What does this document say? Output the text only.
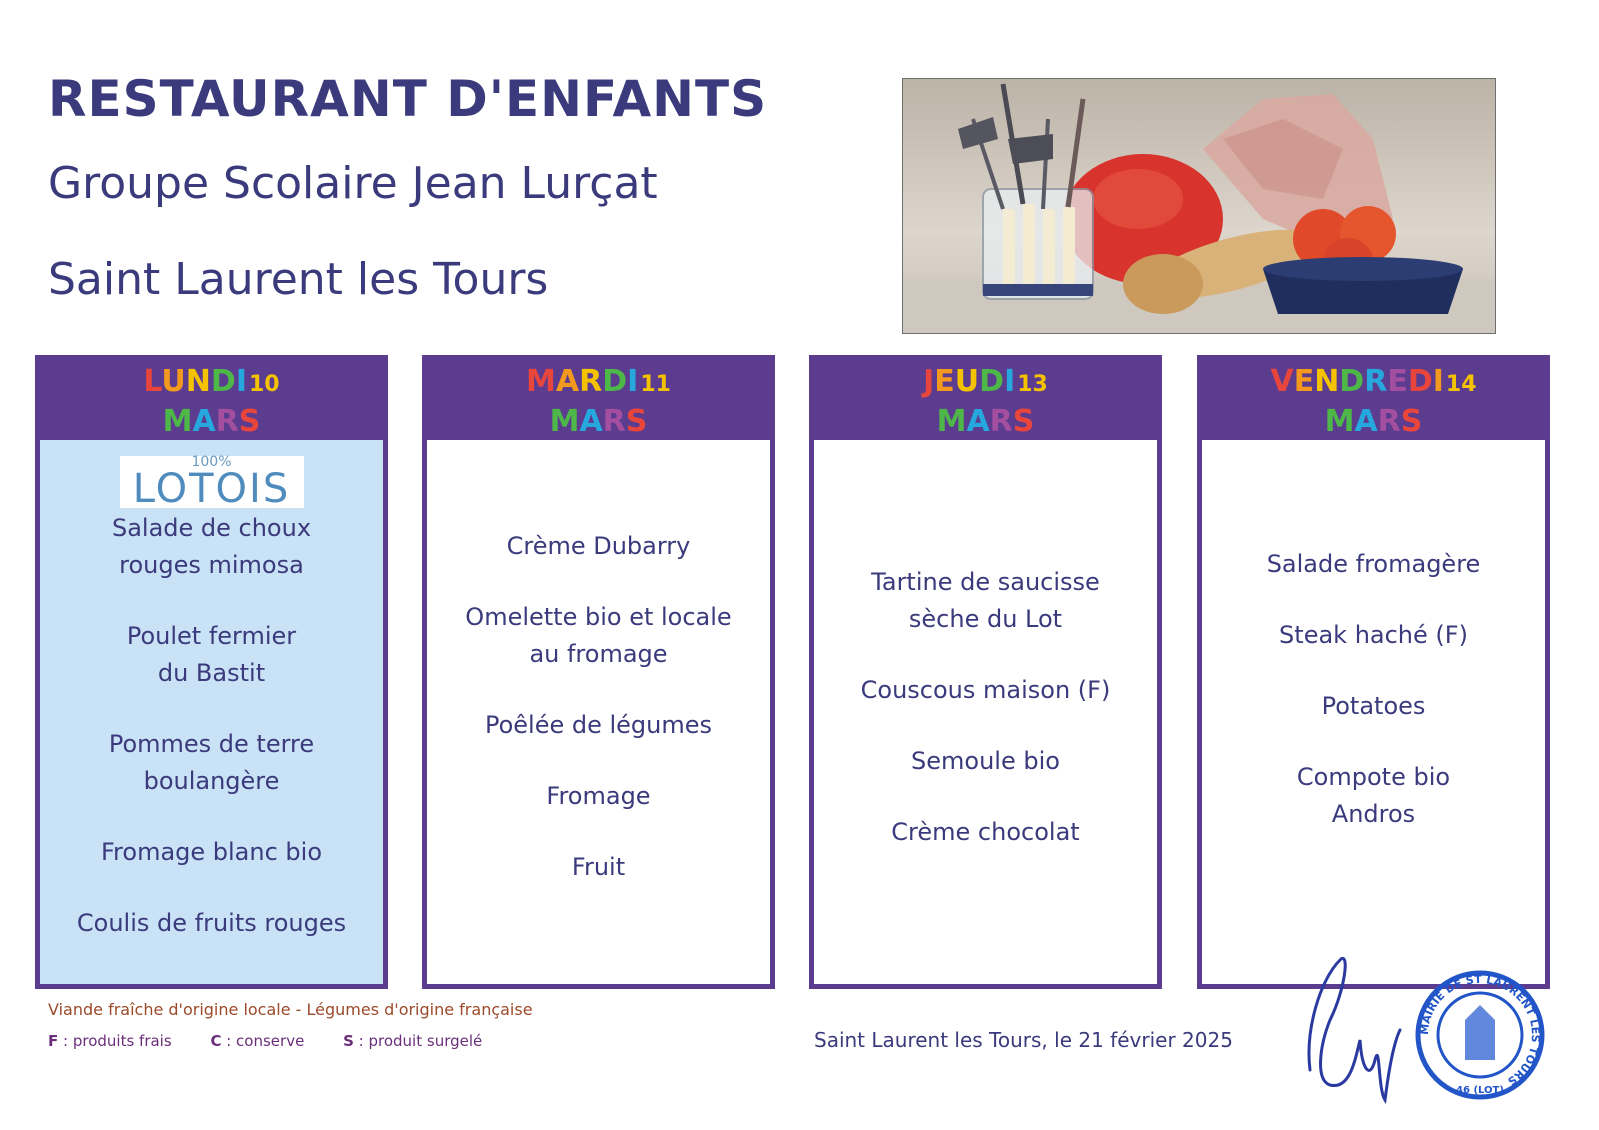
RESTAURANT D'ENFANTS
Groupe Scolaire Jean Lurçat
Saint Laurent les Tours
LUNDI10
MARS
100%
LOTOIS

Salade de choux
rouges mimosa

Poulet fermier
du Bastit

Pommes de terre
boulangère

Fromage blanc bio

Coulis de fruits rouges

MARDI11
MARS

Crème Dubarry

Omelette bio et locale
au fromage

Poêlée de légumes

Fromage

Fruit

JEUDI13
MARS

Tartine de saucisse
sèche du Lot

Couscous maison (F)

Semoule bio

Crème chocolat

VENDREDI14
MARS

Salade fromagère

Steak haché (F)

Potatoes

Compote bio
Andros

Viande fraîche d'origine locale - Légumes d'origine française
F : produits frais	C : conserve	S : produit surgelé	Saint Laurent les Tours, le 21 février 2025	MAIRIE DE ST LAURENT LES TOURS
46 (LOT)
